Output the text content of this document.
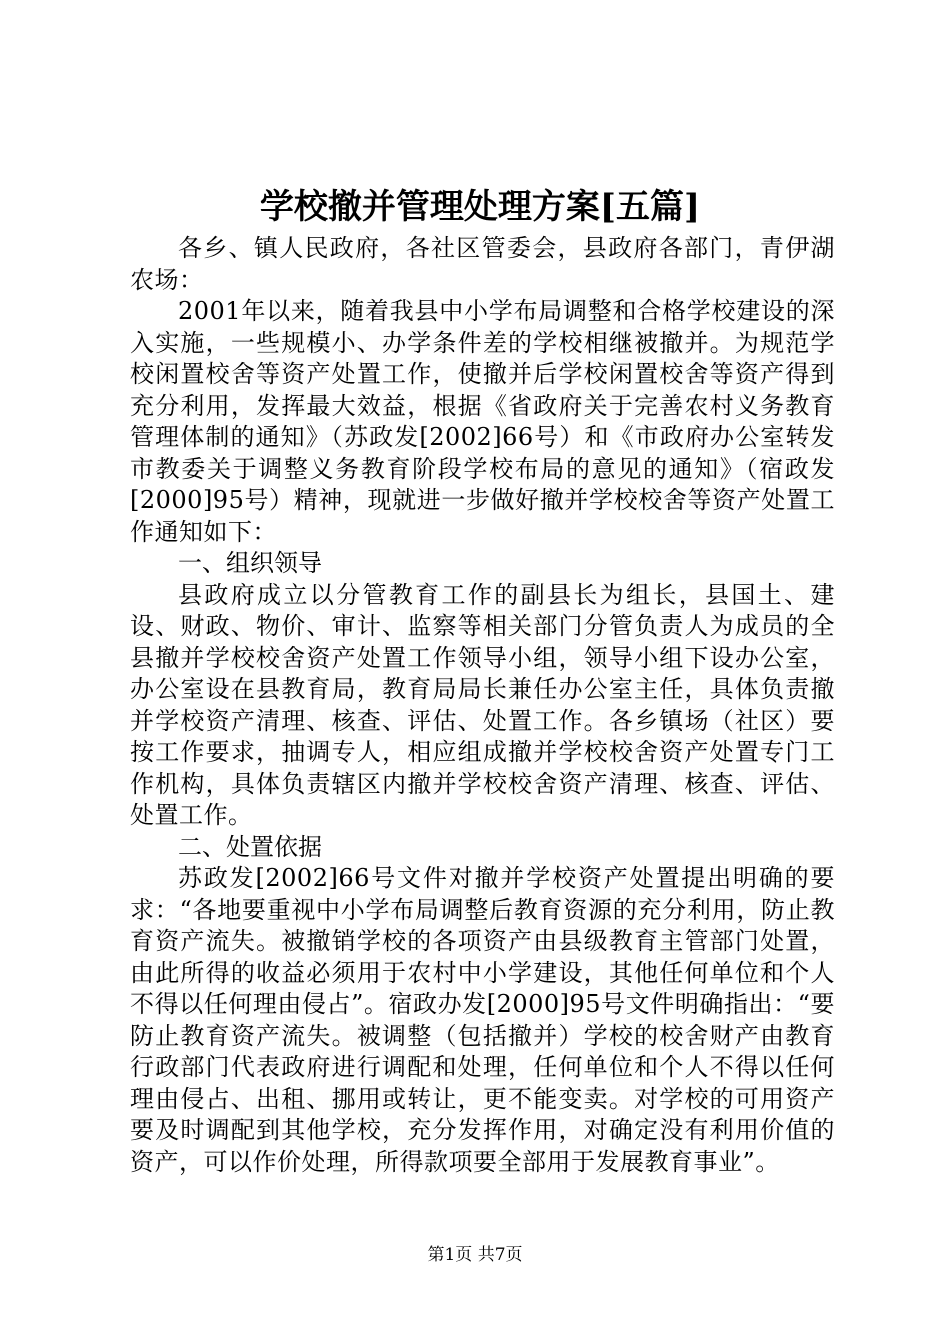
学校撤并管理处理方案[五篇]

各乡、镇人民政府，各社区管委会，县政府各部门，青伊湖农场：

2001年以来，随着我县中小学布局调整和合格学校建设的深入实施，一些规模小、办学条件差的学校相继被撤并。为规范学校闲置校舍等资产处置工作，使撤并后学校闲置校舍等资产得到充分利用，发挥最大效益，根据《省政府关于完善农村义务教育管理体制的通知》（苏政发[2002]66号）和《市政府办公室转发市教委关于调整义务教育阶段学校布局的意见的通知》（宿政发[2000]95号）精神，现就进一步做好撤并学校校舍等资产处置工作通知如下：

一、组织领导

县政府成立以分管教育工作的副县长为组长，县国土、建设、财政、物价、审计、监察等相关部门分管负责人为成员的全县撤并学校校舍资产处置工作领导小组，领导小组下设办公室，办公室设在县教育局，教育局局长兼任办公室主任，具体负责撤并学校资产清理、核查、评估、处置工作。各乡镇场（社区）要按工作要求，抽调专人，相应组成撤并学校校舍资产处置专门工作机构，具体负责辖区内撤并学校校舍资产清理、核查、评估、处置工作。

二、处置依据

苏政发[2002]66号文件对撤并学校资产处置提出明确的要求：“各地要重视中小学布局调整后教育资源的充分利用，防止教育资产流失。被撤销学校的各项资产由县级教育主管部门处置，由此所得的收益必须用于农村中小学建设，其他任何单位和个人不得以任何理由侵占”。宿政办发[2000]95号文件明确指出：“要防止教育资产流失。被调整（包括撤并）学校的校舍财产由教育行政部门代表政府进行调配和处理，任何单位和个人不得以任何理由侵占、出租、挪用或转让，更不能变卖。对学校的可用资产要及时调配到其他学校，充分发挥作用，对确定没有利用价值的资产，可以作价处理，所得款项要全部用于发展教育事业”。

第1页 共7页
